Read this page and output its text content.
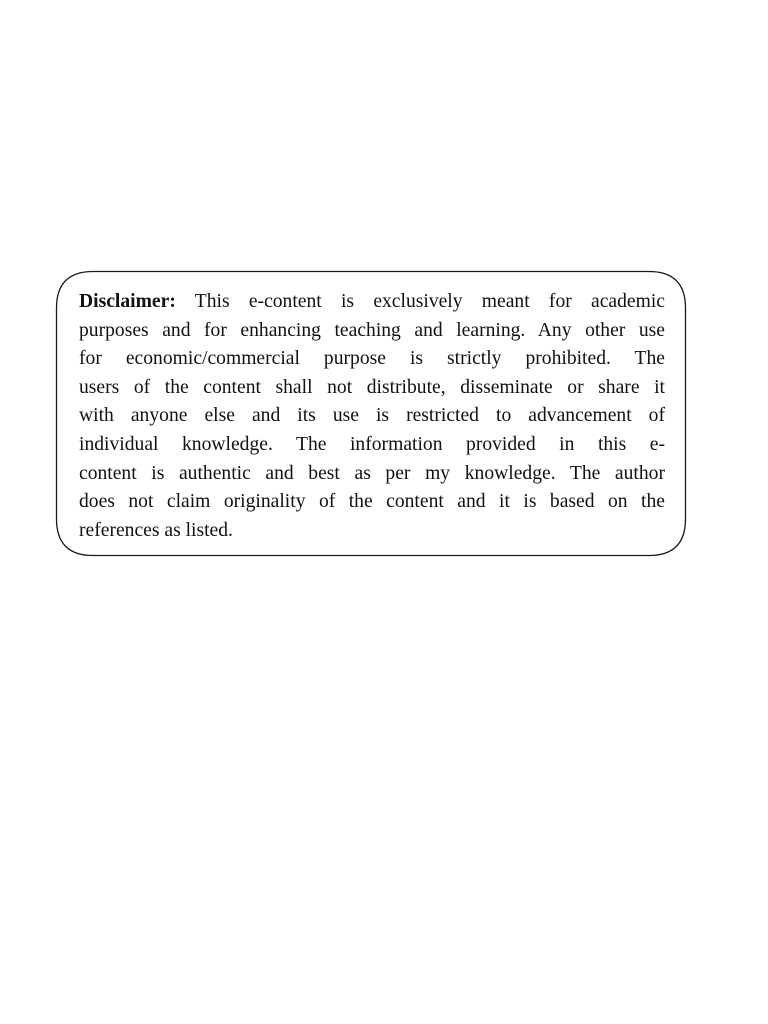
Disclaimer: This e-content is exclusively meant for academic
purposes and for enhancing teaching and learning. Any other use
for economic/commercial purpose is strictly prohibited. The
users of the content shall not distribute, disseminate or share it
with anyone else and its use is restricted to advancement of
individual knowledge. The information provided in this e-
content is authentic and best as per my knowledge. The author
does not claim originality of the content and it is based on the
references as listed.
